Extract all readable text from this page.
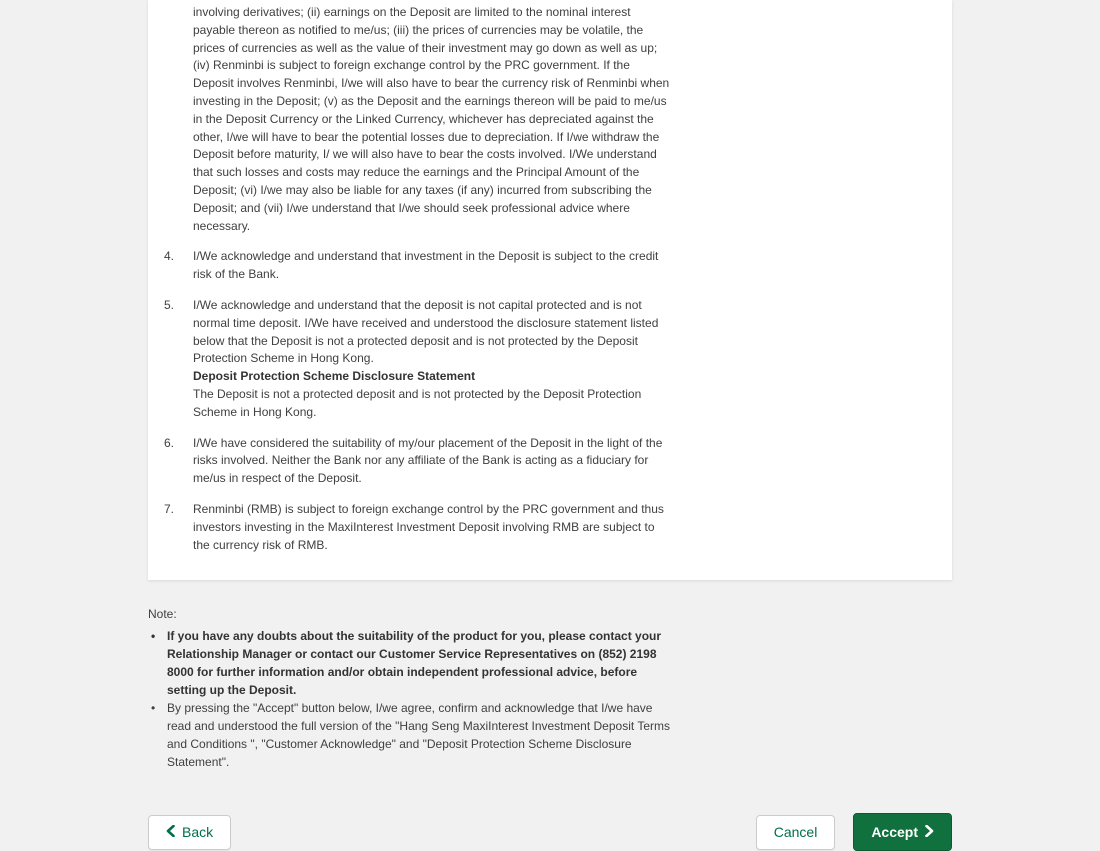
involving derivatives; (ii) earnings on the Deposit are limited to the nominal interest payable thereon as notified to me/us; (iii) the prices of currencies may be volatile, the prices of currencies as well as the value of their investment may go down as well as up; (iv) Renminbi is subject to foreign exchange control by the PRC government. If the Deposit involves Renminbi, I/we will also have to bear the currency risk of Renminbi when investing in the Deposit; (v) as the Deposit and the earnings thereon will be paid to me/us in the Deposit Currency or the Linked Currency, whichever has depreciated against the other, I/we will have to bear the potential losses due to depreciation. If I/we withdraw the Deposit before maturity, I/ we will also have to bear the costs involved. I/We understand that such losses and costs may reduce the earnings and the Principal Amount of the Deposit; (vi) I/we may also be liable for any taxes (if any) incurred from subscribing the Deposit; and (vii) I/we understand that I/we should seek professional advice where necessary.
4.	I/We acknowledge and understand that investment in the Deposit is subject to the credit risk of the Bank.
5.	I/We acknowledge and understand that the deposit is not capital protected and is not normal time deposit. I/We have received and understood the disclosure statement listed below that the Deposit is not a protected deposit and is not protected by the Deposit Protection Scheme in Hong Kong.
Deposit Protection Scheme Disclosure Statement
The Deposit is not a protected deposit and is not protected by the Deposit Protection Scheme in Hong Kong.
6.	I/We have considered the suitability of my/our placement of the Deposit in the light of the risks involved. Neither the Bank nor any affiliate of the Bank is acting as a fiduciary for me/us in respect of the Deposit.
7.	Renminbi (RMB) is subject to foreign exchange control by the PRC government and thus investors investing in the MaxiInterest Investment Deposit involving RMB are subject to the currency risk of RMB.
Note:
• If you have any doubts about the suitability of the product for you, please contact your Relationship Manager or contact our Customer Service Representatives on (852) 2198 8000 for further information and/or obtain independent professional advice, before setting up the Deposit.
• By pressing the "Accept" button below, I/we agree, confirm and acknowledge that I/we have read and understood the full version of the "Hang Seng MaxiInterest Investment Deposit Terms and Conditions ", "Customer Acknowledge" and "Deposit Protection Scheme Disclosure Statement".
Back	Cancel	Accept
